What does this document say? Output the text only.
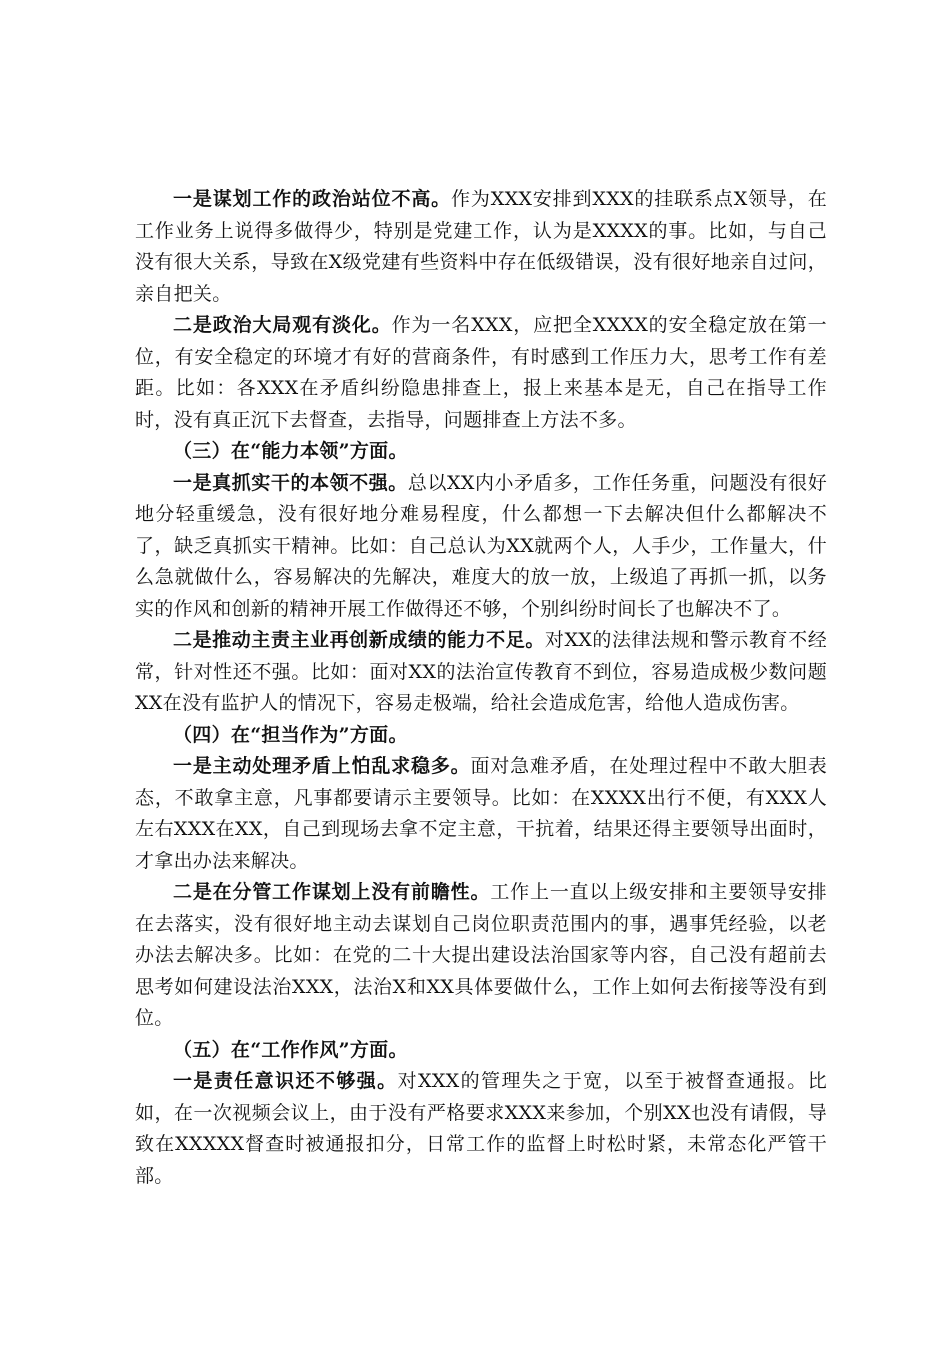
一是谋划工作的政治站位不高。作为XXX安排到XXX的挂联系点X领导，在工作业务上说得多做得少，特别是党建工作，认为是XXXX的事。比如，与自己没有很大关系，导致在X级党建有些资料中存在低级错误，没有很好地亲自过问，亲自把关。

二是政治大局观有淡化。作为一名XXX，应把全XXXX的安全稳定放在第一位，有安全稳定的环境才有好的营商条件，有时感到工作压力大，思考工作有差距。比如：各XXX在矛盾纠纷隐患排查上，报上来基本是无，自己在指导工作时，没有真正沉下去督查，去指导，问题排查上方法不多。

（三）在“能力本领”方面。

一是真抓实干的本领不强。总以XX内小矛盾多，工作任务重，问题没有很好地分轻重缓急，没有很好地分难易程度，什么都想一下去解决但什么都解决不了，缺乏真抓实干精神。比如：自己总认为XX就两个人，人手少，工作量大，什么急就做什么，容易解决的先解决，难度大的放一放，上级追了再抓一抓，以务实的作风和创新的精神开展工作做得还不够，个别纠纷时间长了也解决不了。

二是推动主责主业再创新成绩的能力不足。对XX的法律法规和警示教育不经常，针对性还不强。比如：面对XX的法治宣传教育不到位，容易造成极少数问题XX在没有监护人的情况下，容易走极端，给社会造成危害，给他人造成伤害。

（四）在“担当作为”方面。

一是主动处理矛盾上怕乱求稳多。面对急难矛盾，在处理过程中不敢大胆表态，不敢拿主意，凡事都要请示主要领导。比如：在XXXX出行不便，有XXX人左右XXX在XX，自己到现场去拿不定主意，干抗着，结果还得主要领导出面时，才拿出办法来解决。

二是在分管工作谋划上没有前瞻性。工作上一直以上级安排和主要领导安排在去落实，没有很好地主动去谋划自己岗位职责范围内的事，遇事凭经验，以老办法去解决多。比如：在党的二十大提出建设法治国家等内容，自己没有超前去思考如何建设法治XXX，法治X和XX具体要做什么，工作上如何去衔接等没有到位。

（五）在“工作作风”方面。

一是责任意识还不够强。对XXX的管理失之于宽，以至于被督查通报。比如，在一次视频会议上，由于没有严格要求XXX来参加，个别XX也没有请假，导致在XXXXX督查时被通报扣分，日常工作的监督上时松时紧，未常态化严管干部。
